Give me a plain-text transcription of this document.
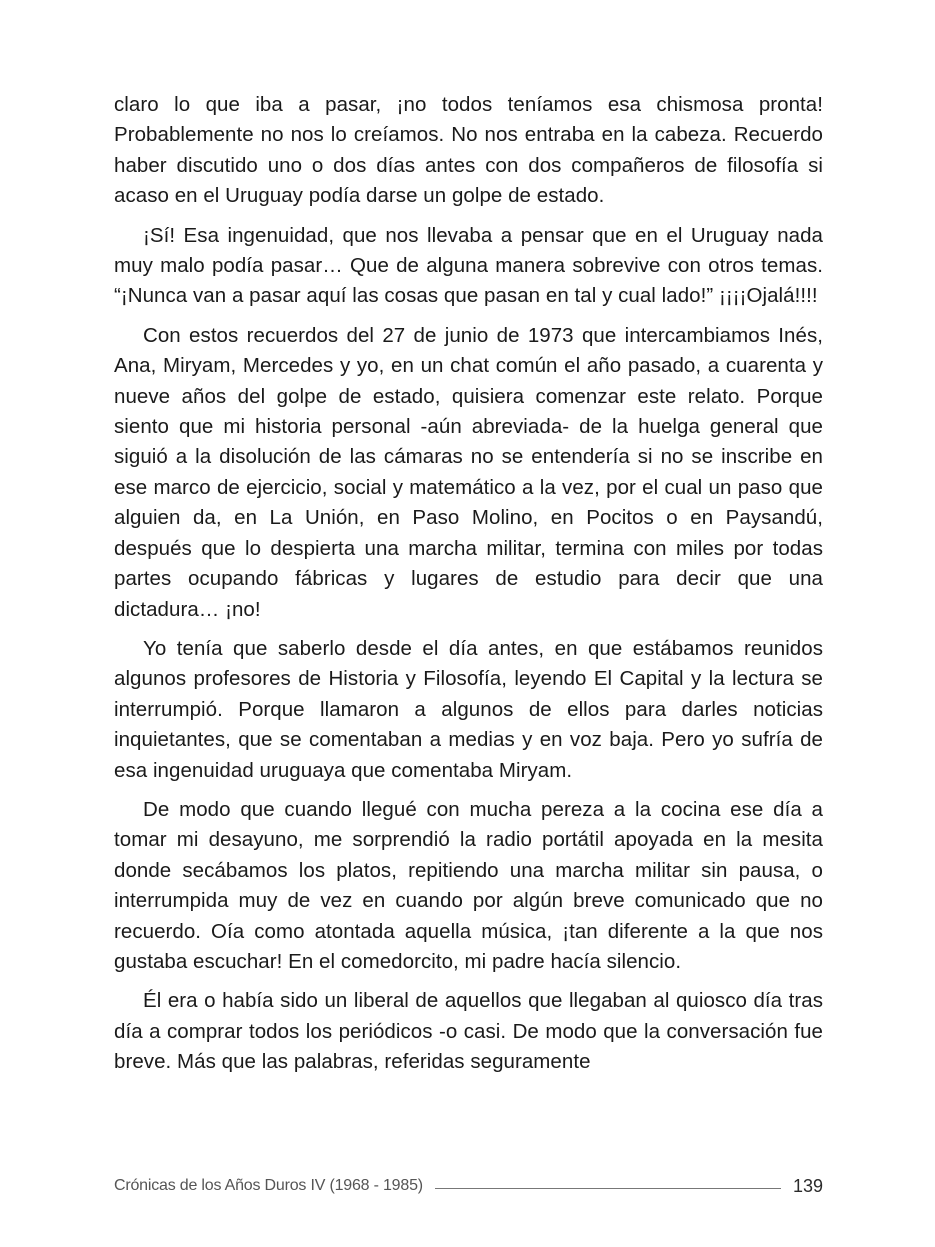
claro lo que iba a pasar, ¡no todos teníamos esa chismosa pronta! Probablemente no nos lo creíamos. No nos entraba en la cabeza. Recuerdo haber discutido uno o dos días antes con dos compañeros de filosofía si acaso en el Uruguay podía darse un golpe de estado.

¡Sí! Esa ingenuidad, que nos llevaba a pensar que en el Uruguay nada muy malo podía pasar… Que de alguna manera sobrevive con otros temas. “¡Nunca van a pasar aquí las cosas que pasan en tal y cual lado!” ¡¡¡¡Ojalá!!!!

Con estos recuerdos del 27 de junio de 1973 que intercambiamos Inés, Ana, Miryam, Mercedes y yo, en un chat común el año pasado, a cuarenta y nueve años del golpe de estado, quisiera comenzar este relato. Porque siento que mi historia personal -aún abreviada- de la huelga general que siguió a la disolución de las cámaras no se entendería si no se inscribe en ese marco de ejercicio, social y matemático a la vez, por el cual un paso que alguien da, en La Unión, en Paso Molino, en Pocitos o en Paysandú, después que lo despierta una marcha militar, termina con miles por todas partes ocupando fábricas y lugares de estudio para decir que una dictadura… ¡no!

Yo tenía que saberlo desde el día antes, en que estábamos reunidos algunos profesores de Historia y Filosofía, leyendo El Capital y la lectura se interrumpió. Porque llamaron a algunos de ellos para darles noticias inquietantes, que se comentaban a medias y en voz baja. Pero yo sufría de esa ingenuidad uruguaya que comentaba Miryam.

De modo que cuando llegué con mucha pereza a la cocina ese día a tomar mi desayuno, me sorprendió la radio portátil apoyada en la mesita donde secábamos los platos, repitiendo una marcha militar sin pausa, o interrumpida muy de vez en cuando por algún breve comunicado que no recuerdo. Oía como atontada aquella música, ¡tan diferente a la que nos gustaba escuchar! En el comedorcito, mi padre hacía silencio.

Él era o había sido un liberal de aquellos que llegaban al quiosco día tras día a comprar todos los periódicos -o casi. De modo que la conversación fue breve. Más que las palabras, referidas seguramente

Crónicas de los Años Duros IV (1968 - 1985)	139
